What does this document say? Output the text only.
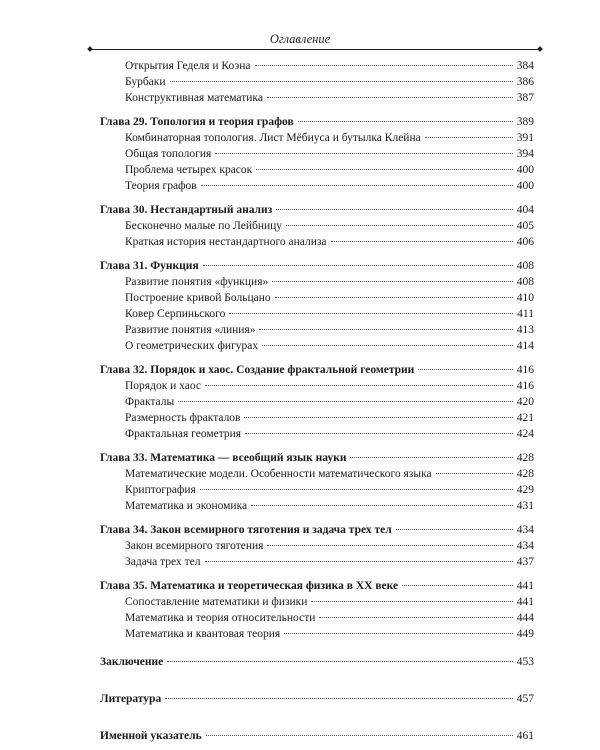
Оглавление
Открытия Геделя и Коэна	384
Бурбаки	386
Конструктивная математика	387
Глава 29. Топология и теория графов	389
Комбинаторная топология. Лист Мёбиуса и бутылка Клейна	391
Общая топология	394
Проблема четырех красок	400
Теория графов	400
Глава 30. Нестандартный анализ	404
Бесконечно малые по Лейбницу	405
Краткая история нестандартного анализа	406
Глава 31. Функция	408
Развитие понятия «функция»	408
Построение кривой Больцано	410
Ковер Серпиньского	411
Развитие понятия «линия»	413
О геометрических фигурах	414
Глава 32. Порядок и хаос. Создание фрактальной геометрии	416
Порядок и хаос	416
Фракталы	420
Размерность фракталов	421
Фрактальная геометрия	424
Глава 33. Математика — всеобщий язык науки	428
Математические модели. Особенности математического языка	428
Криптография	429
Математика и экономика	431
Глава 34. Закон всемирного тяготения и задача трех тел	434
Закон всемирного тяготения	434
Задача трех тел	437
Глава 35. Математика и теоретическая физика в XX веке	441
Сопоставление математики и физики	441
Математика и теория относительности	444
Математика и квантовая теория	449
Заключение	453
Литература	457
Именной указатель	461
